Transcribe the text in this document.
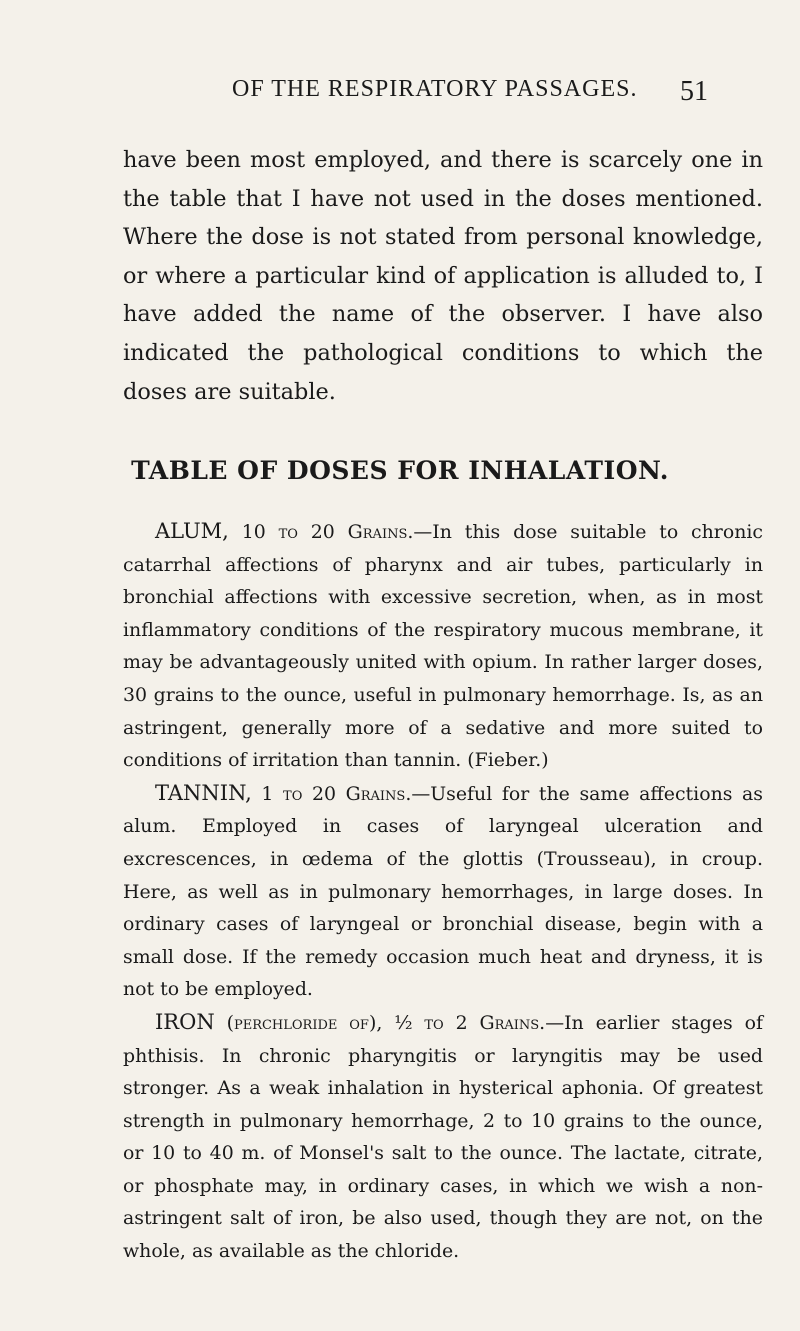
OF THE RESPIRATORY PASSAGES. 51

have been most employed, and there is scarcely one in the table that I have not used in the doses mentioned. Where the dose is not stated from personal knowledge, or where a particular kind of application is alluded to, I have added the name of the observer. I have also indicated the pathological conditions to which the doses are suitable.

TABLE OF DOSES FOR INHALATION.

ALUM, 10 to 20 Grains.—In this dose suitable to chronic catarrhal affections of pharynx and air tubes, particularly in bronchial affections with excessive secretion, when, as in most inflammatory conditions of the respiratory mucous membrane, it may be advantageously united with opium. In rather larger doses, 30 grains to the ounce, useful in pulmonary hemorrhage. Is, as an astringent, generally more of a sedative and more suited to conditions of irritation than tannin. (Fieber.)

TANNIN, 1 to 20 Grains.—Useful for the same affections as alum. Employed in cases of laryngeal ulceration and excrescences, in œdema of the glottis (Trousseau), in croup. Here, as well as in pulmonary hemorrhages, in large doses. In ordinary cases of laryngeal or bronchial disease, begin with a small dose. If the remedy occasion much heat and dryness, it is not to be employed.

IRON (perchloride of), ½ to 2 Grains.—In earlier stages of phthisis. In chronic pharyngitis or laryngitis may be used stronger. As a weak inhalation in hysterical aphonia. Of greatest strength in pulmonary hemorrhage, 2 to 10 grains to the ounce, or 10 to 40 m. of Monsel's salt to the ounce. The lactate, citrate, or phosphate may, in ordinary cases, in which we wish a non-astringent salt of iron, be also used, though they are not, on the whole, as available as the chloride.
